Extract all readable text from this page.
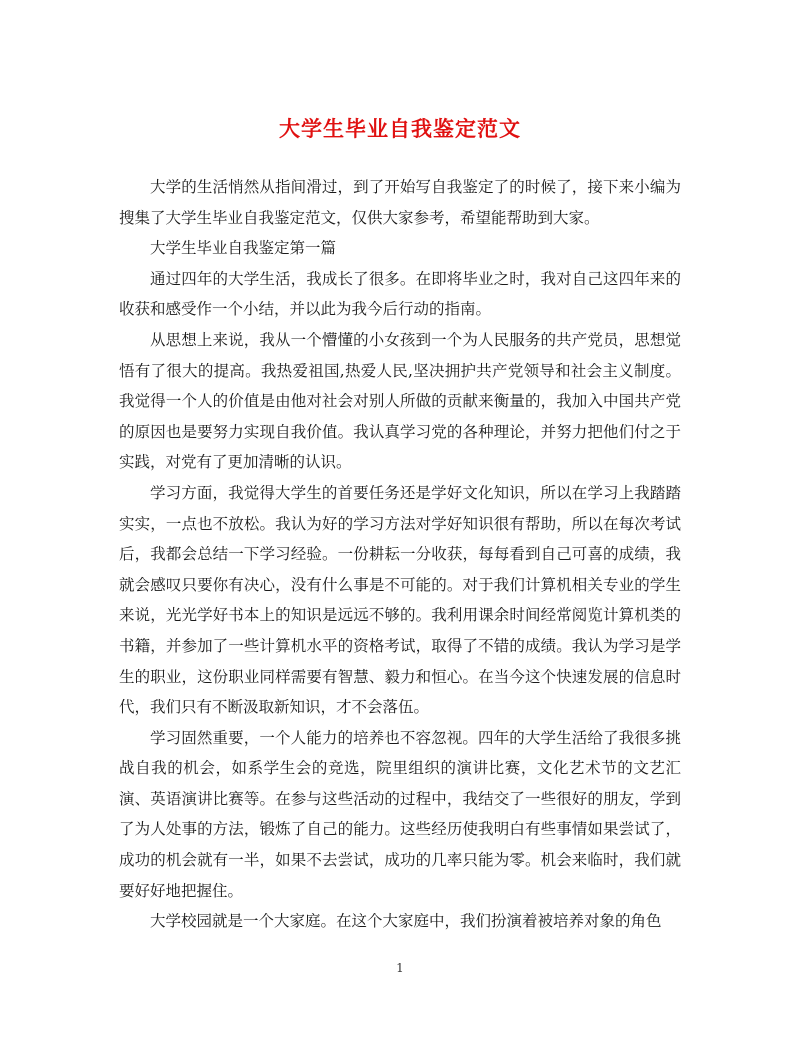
大学生毕业自我鉴定范文

大学的生活悄然从指间滑过，到了开始写自我鉴定了的时候了，接下来小编为搜集了大学生毕业自我鉴定范文，仅供大家参考，希望能帮助到大家。

大学生毕业自我鉴定第一篇

通过四年的大学生活，我成长了很多。在即将毕业之时，我对自己这四年来的收获和感受作一个小结，并以此为我今后行动的指南。

从思想上来说，我从一个懵懂的小女孩到一个为人民服务的共产党员，思想觉悟有了很大的提高。我热爱祖国,热爱人民,坚决拥护共产党领导和社会主义制度。我觉得一个人的价值是由他对社会对别人所做的贡献来衡量的，我加入中国共产党的原因也是要努力实现自我价值。我认真学习党的各种理论，并努力把他们付之于实践，对党有了更加清晰的认识。

学习方面，我觉得大学生的首要任务还是学好文化知识，所以在学习上我踏踏实实，一点也不放松。我认为好的学习方法对学好知识很有帮助，所以在每次考试后，我都会总结一下学习经验。一份耕耘一分收获，每每看到自己可喜的成绩，我就会感叹只要你有决心，没有什么事是不可能的。对于我们计算机相关专业的学生来说，光光学好书本上的知识是远远不够的。我利用课余时间经常阅览计算机类的书籍，并参加了一些计算机水平的资格考试，取得了不错的成绩。我认为学习是学生的职业，这份职业同样需要有智慧、毅力和恒心。在当今这个快速发展的信息时代，我们只有不断汲取新知识，才不会落伍。

学习固然重要，一个人能力的培养也不容忽视。四年的大学生活给了我很多挑战自我的机会，如系学生会的竞选，院里组织的演讲比赛，文化艺术节的文艺汇演、英语演讲比赛等。在参与这些活动的过程中，我结交了一些很好的朋友，学到了为人处事的方法，锻炼了自己的能力。这些经历使我明白有些事情如果尝试了，成功的机会就有一半，如果不去尝试，成功的几率只能为零。机会来临时，我们就要好好地把握住。

大学校园就是一个大家庭。在这个大家庭中，我们扮演着被培养对象的角色

1
